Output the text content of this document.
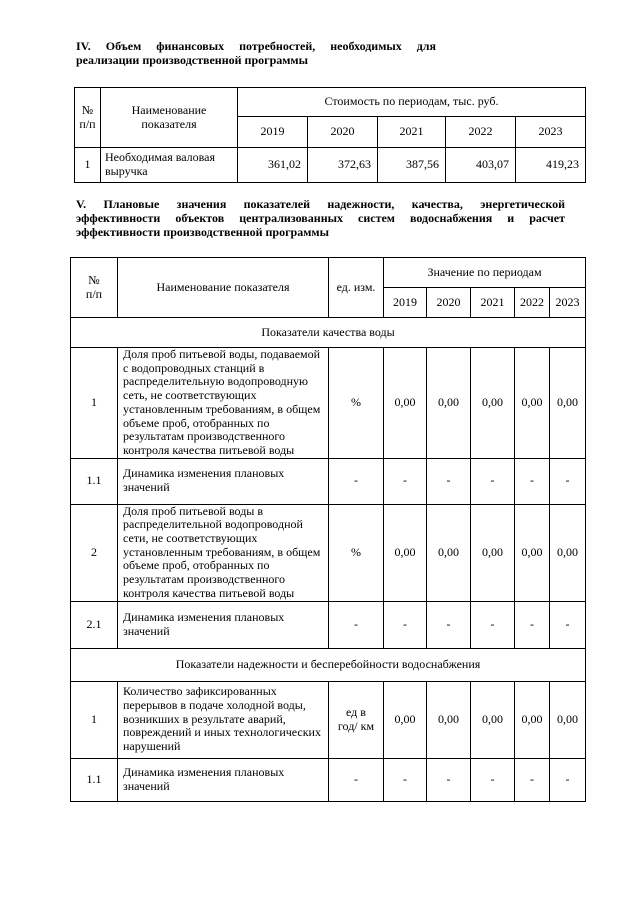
IV. Объем финансовых потребностей, необходимых для реализации производственной программы
№ п/п	Наименование показателя	Стоимость по периодам, тыс. руб.				
		2019	2020	2021	2022	2023
1	Необходимая валовая выручка	361,02	372,63	387,56	403,07	419,23
V. Плановые значения показателей надежности, качества, энергетической эффективности объектов централизованных систем водоснабжения и расчет эффективности производственной программы
№ п/п	Наименование показателя	ед. изм.	Значение по периодам				
			2019	2020	2021	2022	2023
Показатели качества воды							
1	Доля проб питьевой воды, подаваемой с водопроводных станций в распределительную водопроводную сеть, не соответствующих установленным требованиям, в общем объеме проб, отобранных по результатам производственного контроля качества питьевой воды	%	0,00	0,00	0,00	0,00	0,00
1.1	Динамика изменения плановых значений	-	-	-	-	-	-
2	Доля проб питьевой воды в распределительной водопроводной сети, не соответствующих установленным требованиям, в общем объеме проб, отобранных по результатам производственного контроля качества питьевой воды	%	0,00	0,00	0,00	0,00	0,00
2.1	Динамика изменения плановых значений	-	-	-	-	-	-
Показатели надежности и бесперебойности водоснабжения							
1	Количество зафиксированных перерывов в подаче холодной воды, возникших в результате аварий, повреждений и иных технологических нарушений	ед в год/ км	0,00	0,00	0,00	0,00	0,00
1.1	Динамика изменения плановых значений	-	-	-	-	-	-
